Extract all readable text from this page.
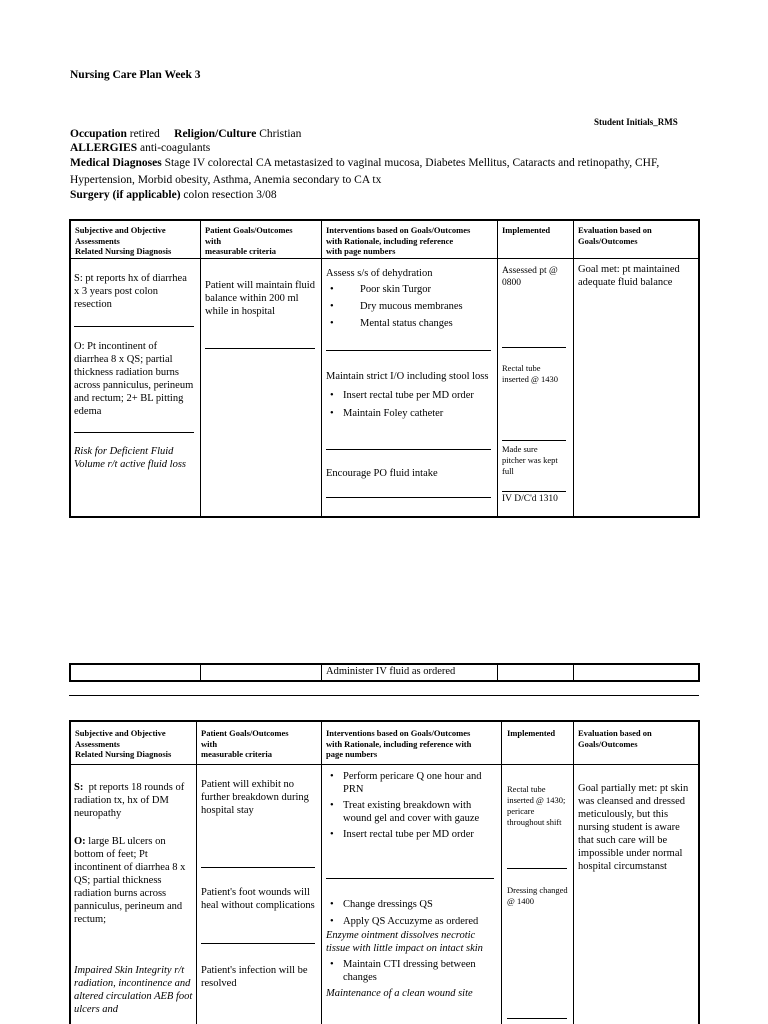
Nursing Care Plan Week 3
Student Initials_RMS
Occupation retired Religion/Culture Christian
ALLERGIES anti-coagulants
Medical Diagnoses Stage IV colorectal CA metastasized to vaginal mucosa, Diabetes Mellitus, Cataracts and retinopathy, CHF,
Hypertension, Morbid obesity, Asthma, Anemia secondary to CA tx
Surgery (if applicable) colon resection 3/08
Subjective and Objective
Assessments
Related Nursing Diagnosis
Patient Goals/Outcomes
with
measurable criteria
Interventions based on Goals/Outcomes
with Rationale, including reference
with page numbers
Implemented	Evaluation based on
Goals/Outcomes
S: pt reports hx of diarrhea x 3 years post colon resection
O: Pt incontinent of diarrhea 8 x QS; partial thickness radiation burns across panniculus, perineum and rectum; 2+ BL pitting edema
Risk for Deficient Fluid Volume r/t active fluid loss
Patient will maintain fluid balance within 200 ml while in hospital
Assess s/s of dehydration
• Poor skin Turgor
• Dry mucous membranes
• Mental status changes
Maintain strict I/O including stool loss
• Insert rectal tube per MD order
• Maintain Foley catheter
Encourage PO fluid intake
Assessed pt @ 0800
Rectal tube inserted @ 1430
Made sure pitcher was kept full
IV D/C'd 1310
Goal met: pt maintained adequate fluid balance
Administer IV fluid as ordered
Subjective and Objective
Assessments
Related Nursing Diagnosis
Patient Goals/Outcomes
with
measurable criteria
Interventions based on Goals/Outcomes
with Rationale, including reference with
page numbers
Implemented	Evaluation based on
Goals/Outcomes
S: pt reports 18 rounds of radiation tx, hx of DM neuropathy
O: large BL ulcers on bottom of feet; Pt incontinent of diarrhea 8 x QS; partial thickness radiation burns across panniculus, perineum and rectum;
Impaired Skin Integrity r/t radiation, incontinence and altered circulation AEB foot ulcers and
Patient will exhibit no further breakdown during hospital stay
Patient's foot wounds will heal without complications
Patient's infection will be resolved
• Perform pericare Q one hour and PRN
• Treat existing breakdown with wound gel and cover with gauze
• Insert rectal tube per MD order
• Change dressings QS
• Apply QS Accuzyme as ordered
Enzyme ointment dissolves necrotic tissue with little impact on intact skin
• Maintain CTI dressing between changes
Maintenance of a clean wound site
Rectal tube inserted @ 1430; pericare throughout shift
Dressing changed @ 1400
Goal partially met: pt skin was cleansed and dressed meticulously, but this nursing student is aware that such care will be impossible under normal hospital circumstanst
